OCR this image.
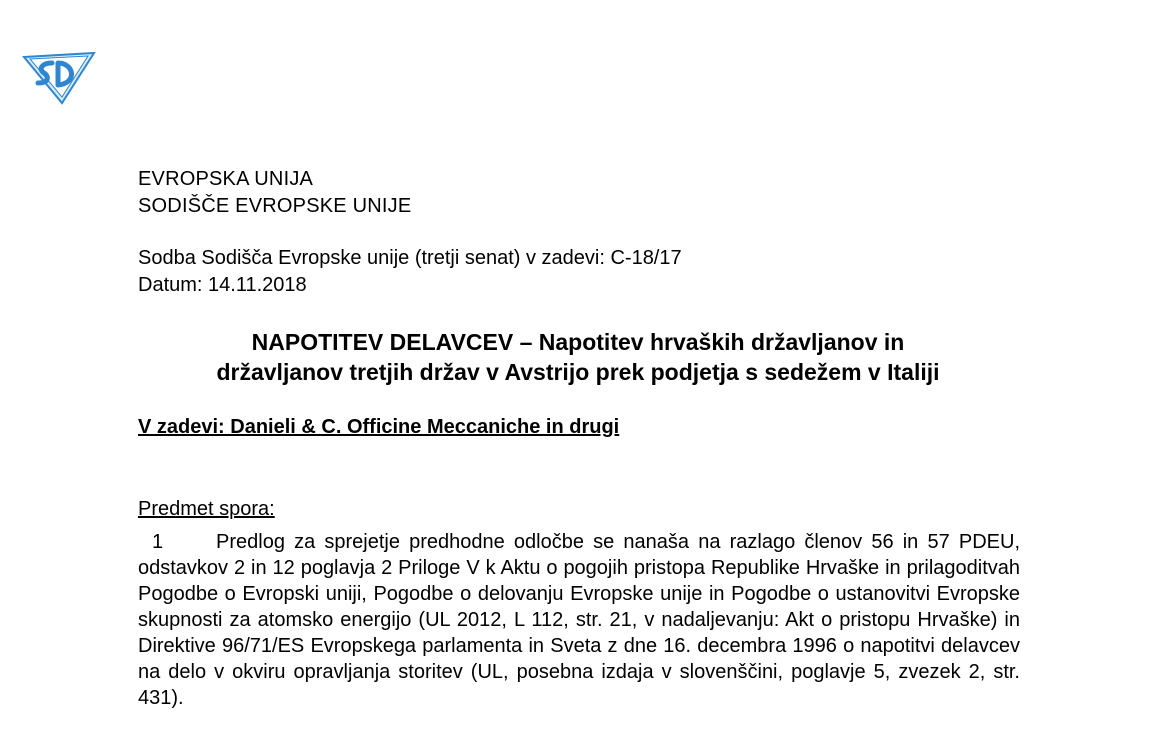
EVROPSKA UNIJA
SODIŠČE EVROPSKE UNIJE
Sodba Sodišča Evropske unije (tretji senat) v zadevi: C-18/17
Datum: 14.11.2018
NAPOTITEV DELAVCEV – Napotitev hrvaških državljanov in
državljanov tretjih držav v Avstrijo prek podjetja s sedežem v Italiji
V zadevi: Danieli & C. Officine Meccaniche in drugi
Predmet spora:
1	Predlog za sprejetje predhodne odločbe se nanaša na razlago členov 56 in 57 PDEU, odstavkov 2 in 12 poglavja 2 Priloge V k Aktu o pogojih pristopa Republike Hrvaške in prilagoditvah Pogodbe o Evropski uniji, Pogodbe o delovanju Evropske unije in Pogodbe o ustanovitvi Evropske skupnosti za atomsko energijo (UL 2012, L 112, str. 21, v nadaljevanju: Akt o pristopu Hrvaške) in Direktive 96/71/ES Evropskega parlamenta in Sveta z dne 16. decembra 1996 o napotitvi delavcev na delo v okviru opravljanja storitev (UL, posebna izdaja v slovenščini, poglavje 5, zvezek 2, str. 431).
